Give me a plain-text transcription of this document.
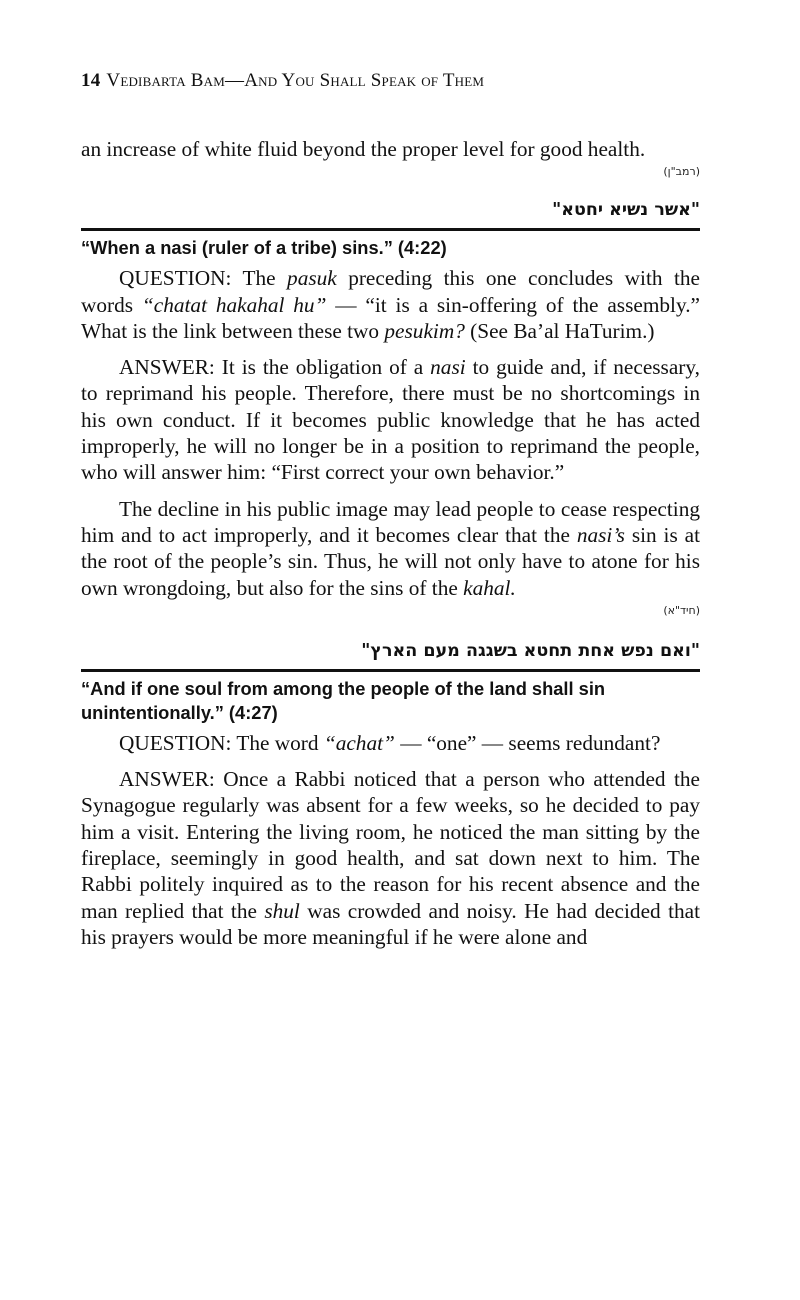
14 Vedibarta Bam—And You Shall Speak of Them

an increase of white fluid beyond the proper level for good health.

(רמב"ן)
"אשר נשיא יחטא"
“When a nasi (ruler of a tribe) sins.” (4:22)

QUESTION: The pasuk preceding this one concludes with the words “chatat hakahal hu” — “it is a sin-offering of the assembly.” What is the link between these two pesukim? (See Ba’al HaTurim.)

ANSWER: It is the obligation of a nasi to guide and, if necessary, to reprimand his people. Therefore, there must be no shortcomings in his own conduct. If it becomes public knowledge that he has acted improperly, he will no longer be in a position to reprimand the people, who will answer him: “First correct your own behavior.”

The decline in his public image may lead people to cease respecting him and to act improperly, and it becomes clear that the nasi’s sin is at the root of the people’s sin. Thus, he will not only have to atone for his own wrongdoing, but also for the sins of the kahal.

(חיד"א)
"ואם נפש אחת תחטא בשגגה מעם הארץ"
“And if one soul from among the people of the land shall sin unintentionally.” (4:27)

QUESTION: The word “achat” — “one” — seems redundant?

ANSWER: Once a Rabbi noticed that a person who attended the Synagogue regularly was absent for a few weeks, so he decided to pay him a visit. Entering the living room, he noticed the man sitting by the fireplace, seemingly in good health, and sat down next to him. The Rabbi politely inquired as to the reason for his recent absence and the man replied that the shul was crowded and noisy. He had decided that his prayers would be more meaningful if he were alone and
